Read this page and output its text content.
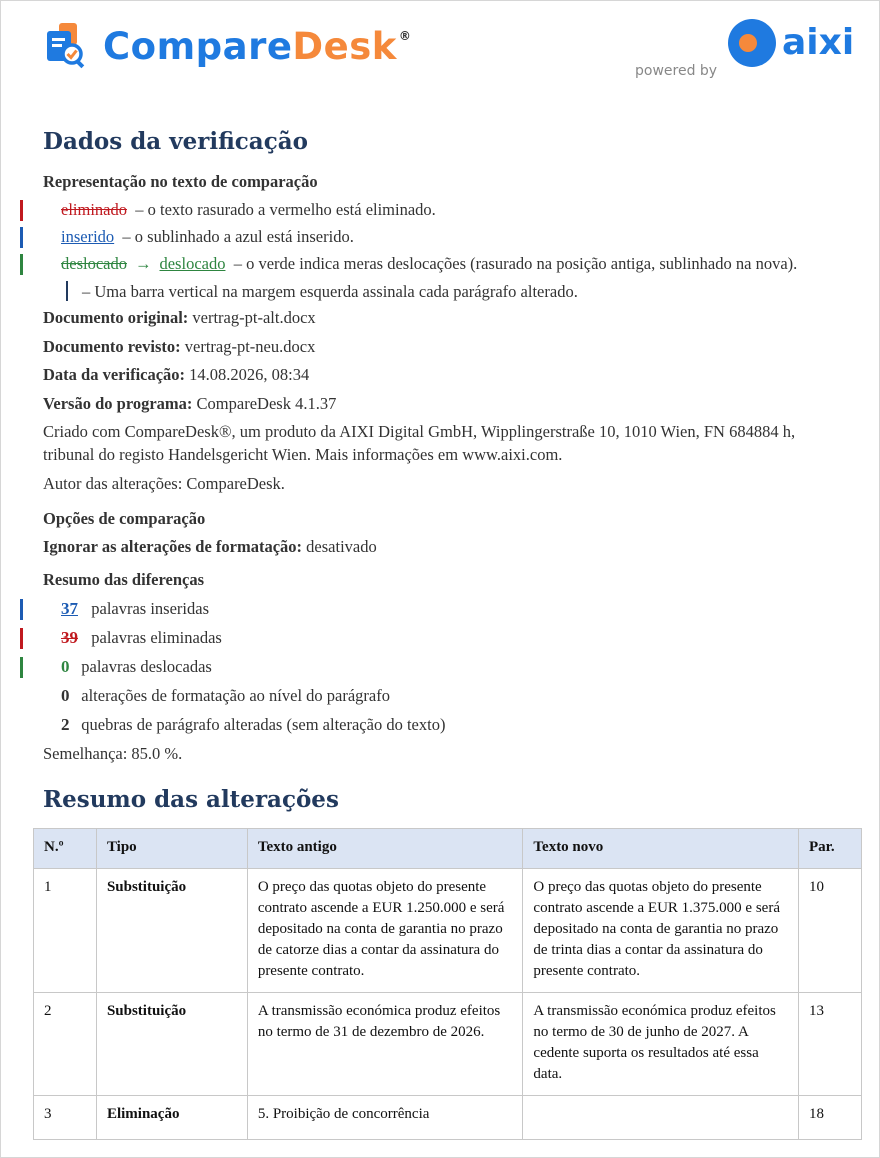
CompareDesk ®
powered by
aixi
Dados da verificação
Representação no texto de comparação
eliminado – o texto rasurado a vermelho está eliminado.
inserido – o sublinhado a azul está inserido.
deslocado → deslocado – o verde indica meras deslocações (rasurado na posição antiga, sublinhado na nova).
– Uma barra vertical na margem esquerda assinala cada parágrafo alterado.
Documento original: vertrag-pt-alt.docx
Documento revisto: vertrag-pt-neu.docx
Data da verificação: 14.08.2026, 08:34
Versão do programa: CompareDesk 4.1.37
Criado com CompareDesk®, um produto da AIXI Digital GmbH, Wipplingerstraße 10, 1010 Wien, FN 684884 h,
tribunal do registo Handelsgericht Wien. Mais informações em www.aixi.com.
Autor das alterações: CompareDesk.
Opções de comparação
Ignorar as alterações de formatação: desativado
Resumo das diferenças
37 palavras inseridas
39 palavras eliminadas
0 palavras deslocadas
0 alterações de formatação ao nível do parágrafo
2 quebras de parágrafo alteradas (sem alteração do texto)
Semelhança: 85.0 %.
Resumo das alterações
N.º	Tipo	Texto antigo	Texto novo	Par.
1	Substituição	O preço das quotas objeto do presente contrato ascende a EUR 1.250.000 e será depositado na conta de garantia no prazo de catorze dias a contar da assinatura do presente contrato.	O preço das quotas objeto do presente contrato ascende a EUR 1.375.000 e será depositado na conta de garantia no prazo de trinta dias a contar da assinatura do presente contrato.	10
2	Substituição	A transmissão económica produz efeitos no termo de 31 de dezembro de 2026.	A transmissão económica produz efeitos no termo de 30 de junho de 2027. A cedente suporta os resultados até essa data.	13
3	Eliminação	5. Proibição de concorrência		18
